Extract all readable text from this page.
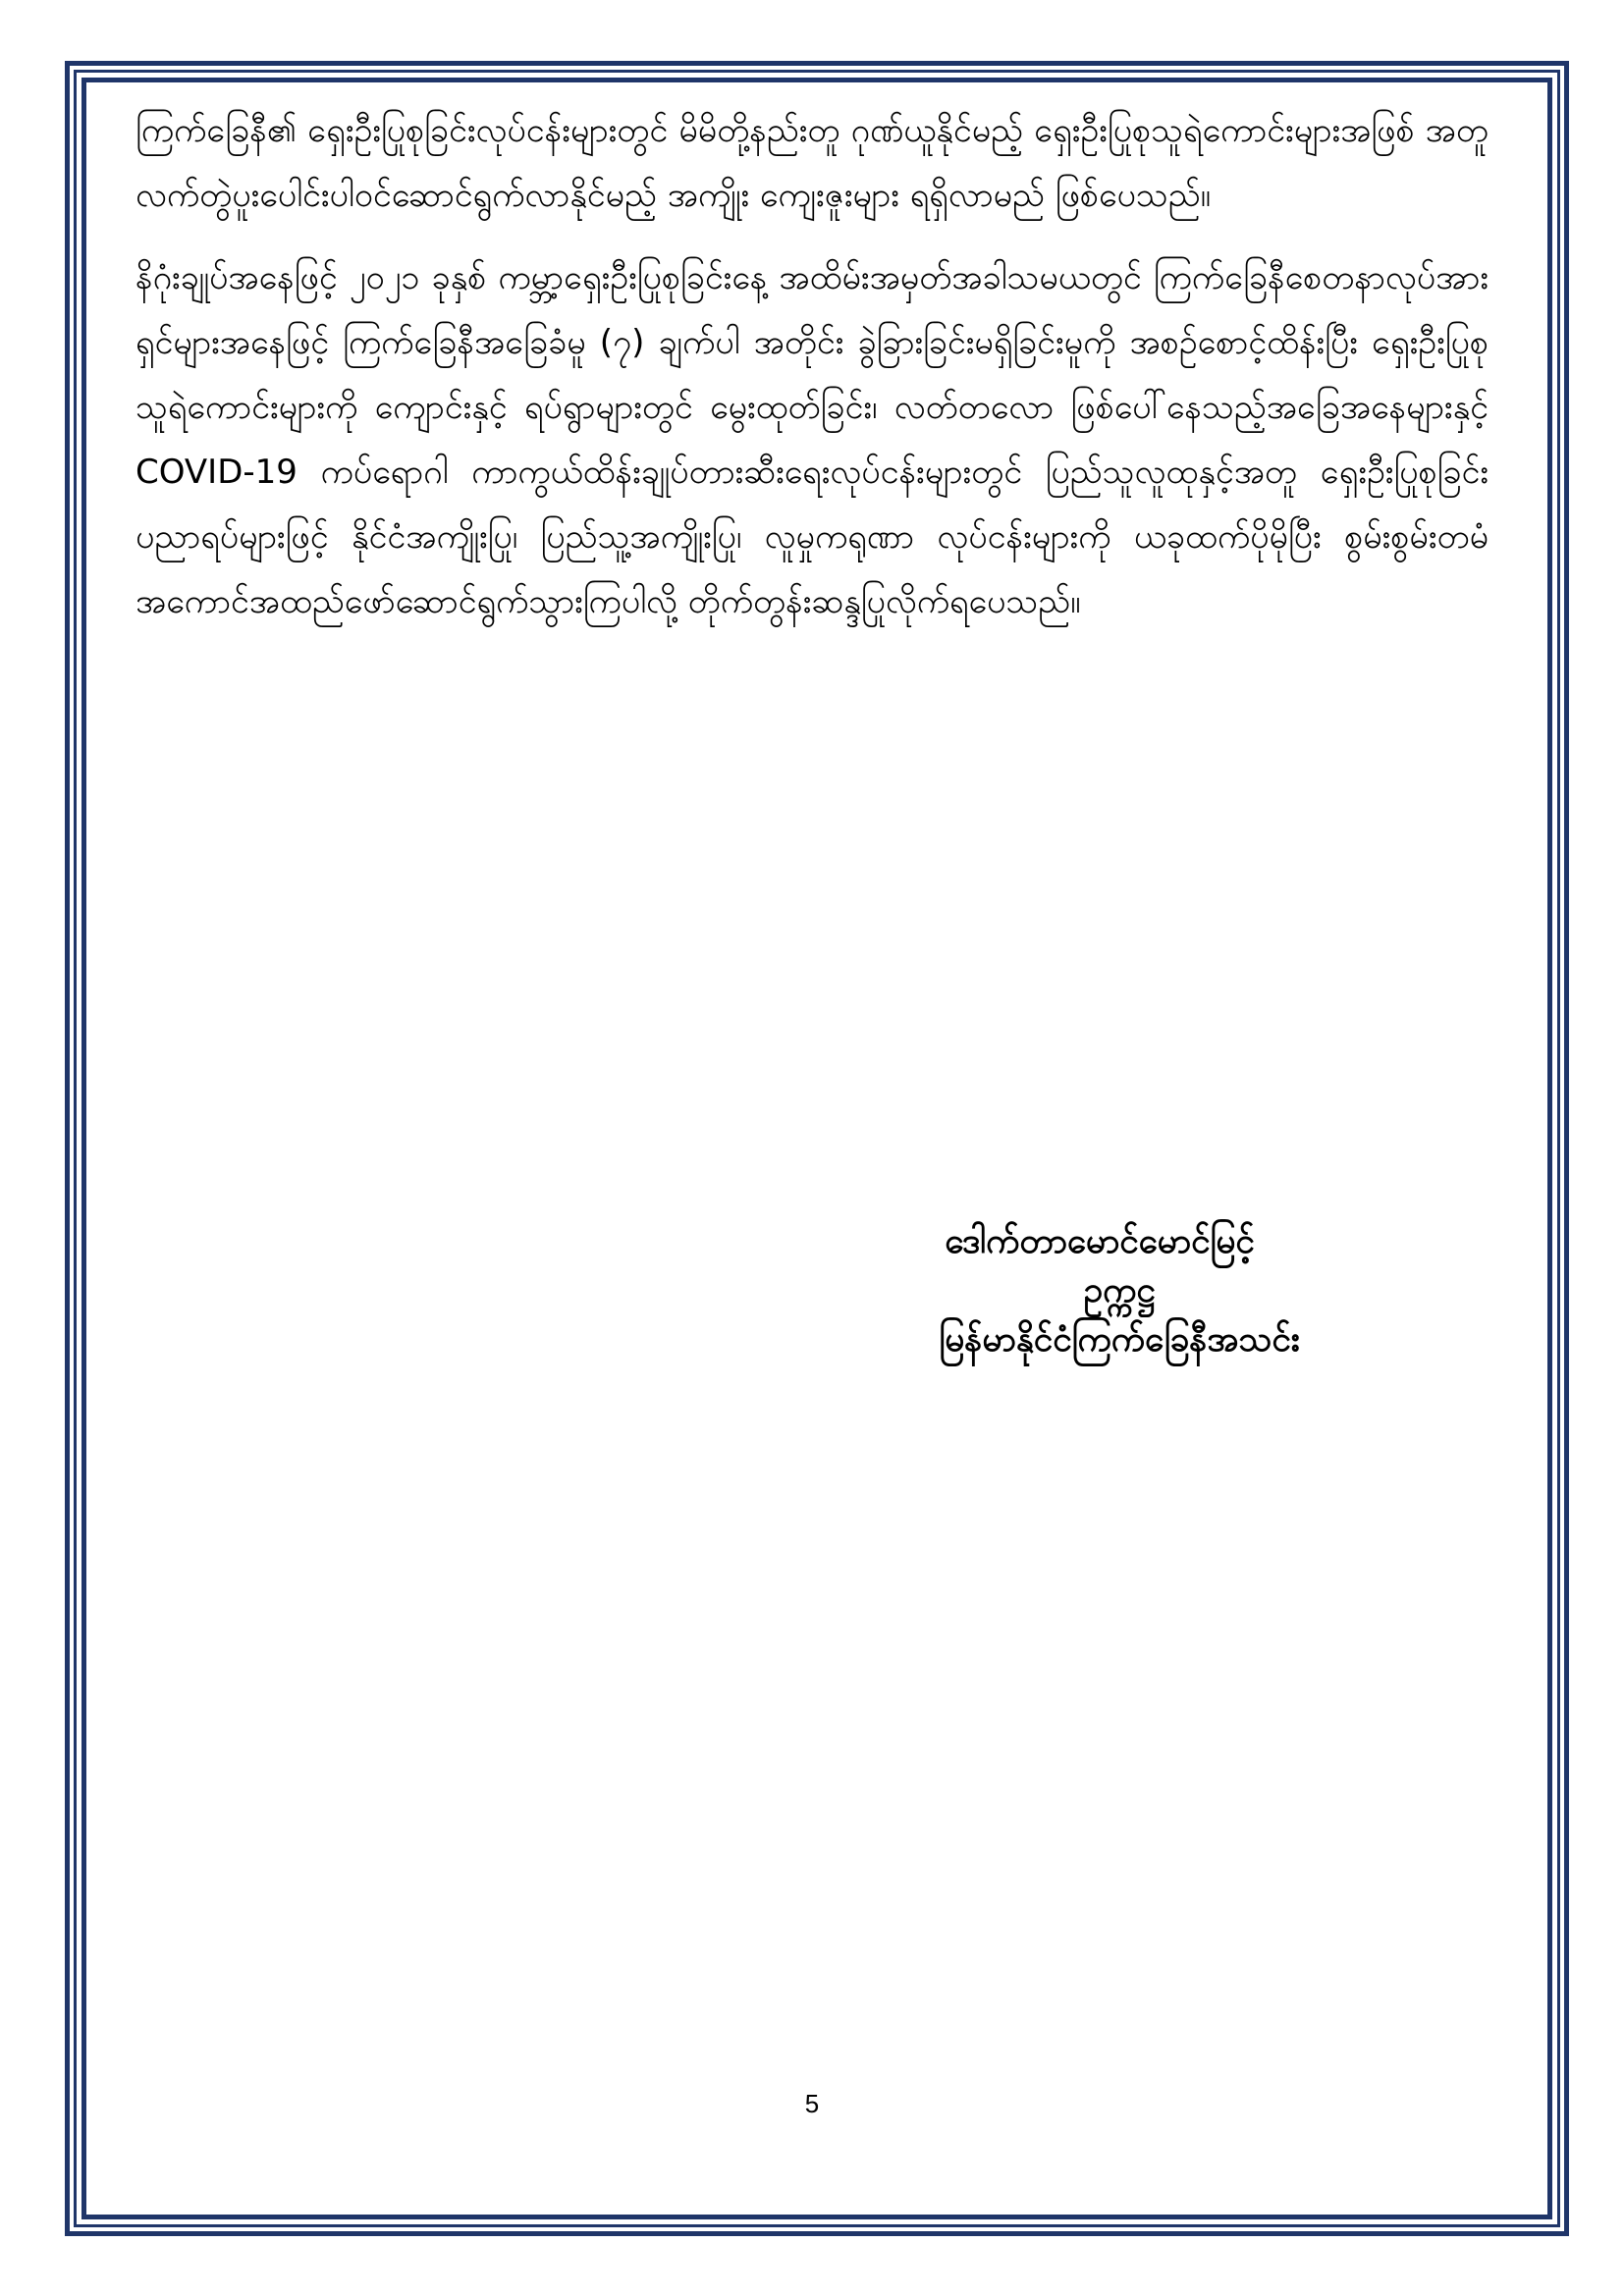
ကြက်ခြေနီ၏ ရှေးဦးပြုစုခြင်းလုပ်ငန်းများတွင် မိမိတို့နည်းတူ ဂုဏ်ယူနိုင်မည့် ရှေးဦးပြုစုသူရဲကောင်းများအဖြစ် အတူလက်တွဲပူးပေါင်းပါဝင်ဆောင်ရွက်လာနိုင်မည့် အကျိုး ကျေးဇူးများ ရရှိလာမည် ဖြစ်ပေသည်။

နိဂုံးချုပ်အနေဖြင့် ၂၀၂၁ ခုနှစ် ကမ္ဘာ့ရှေးဦးပြုစုခြင်းနေ့ အထိမ်းအမှတ်အခါသမယတွင် ကြက်ခြေနီစေတနာလုပ်အားရှင်များအနေဖြင့် ကြက်ခြေနီအခြေခံမူ (၇) ချက်ပါ အတိုင်း ခွဲခြားခြင်းမရှိခြင်းမူကို အစဉ်စောင့်ထိန်းပြီး ရှေးဦးပြုစုသူရဲကောင်းများကို ကျောင်းနှင့် ရပ်ရွာများတွင် မွေးထုတ်ခြင်း၊ လတ်တလော ဖြစ်ပေါ်နေသည့်အခြေအနေများနှင့် COVID-19 ကပ်ရောဂါ ကာကွယ်ထိန်းချုပ်တားဆီးရေးလုပ်ငန်းများတွင် ပြည်သူလူထုနှင့်အတူ ရှေးဦးပြုစုခြင်းပညာရပ်များဖြင့် နိုင်ငံအကျိုးပြု၊ ပြည်သူ့အကျိုးပြု၊ လူမှုကရုဏာ လုပ်ငန်းများကို ယခုထက်ပိုမိုပြီး စွမ်းစွမ်းတမံ အကောင်အထည်ဖော်ဆောင်ရွက်သွားကြပါလို့ တိုက်တွန်းဆန္ဒပြုလိုက်ရပေသည်။

ဒေါက်တာမောင်မောင်မြင့်
ဥက္ကဋ္ဌ
မြန်မာနိုင်ငံကြက်ခြေနီအသင်း
5
